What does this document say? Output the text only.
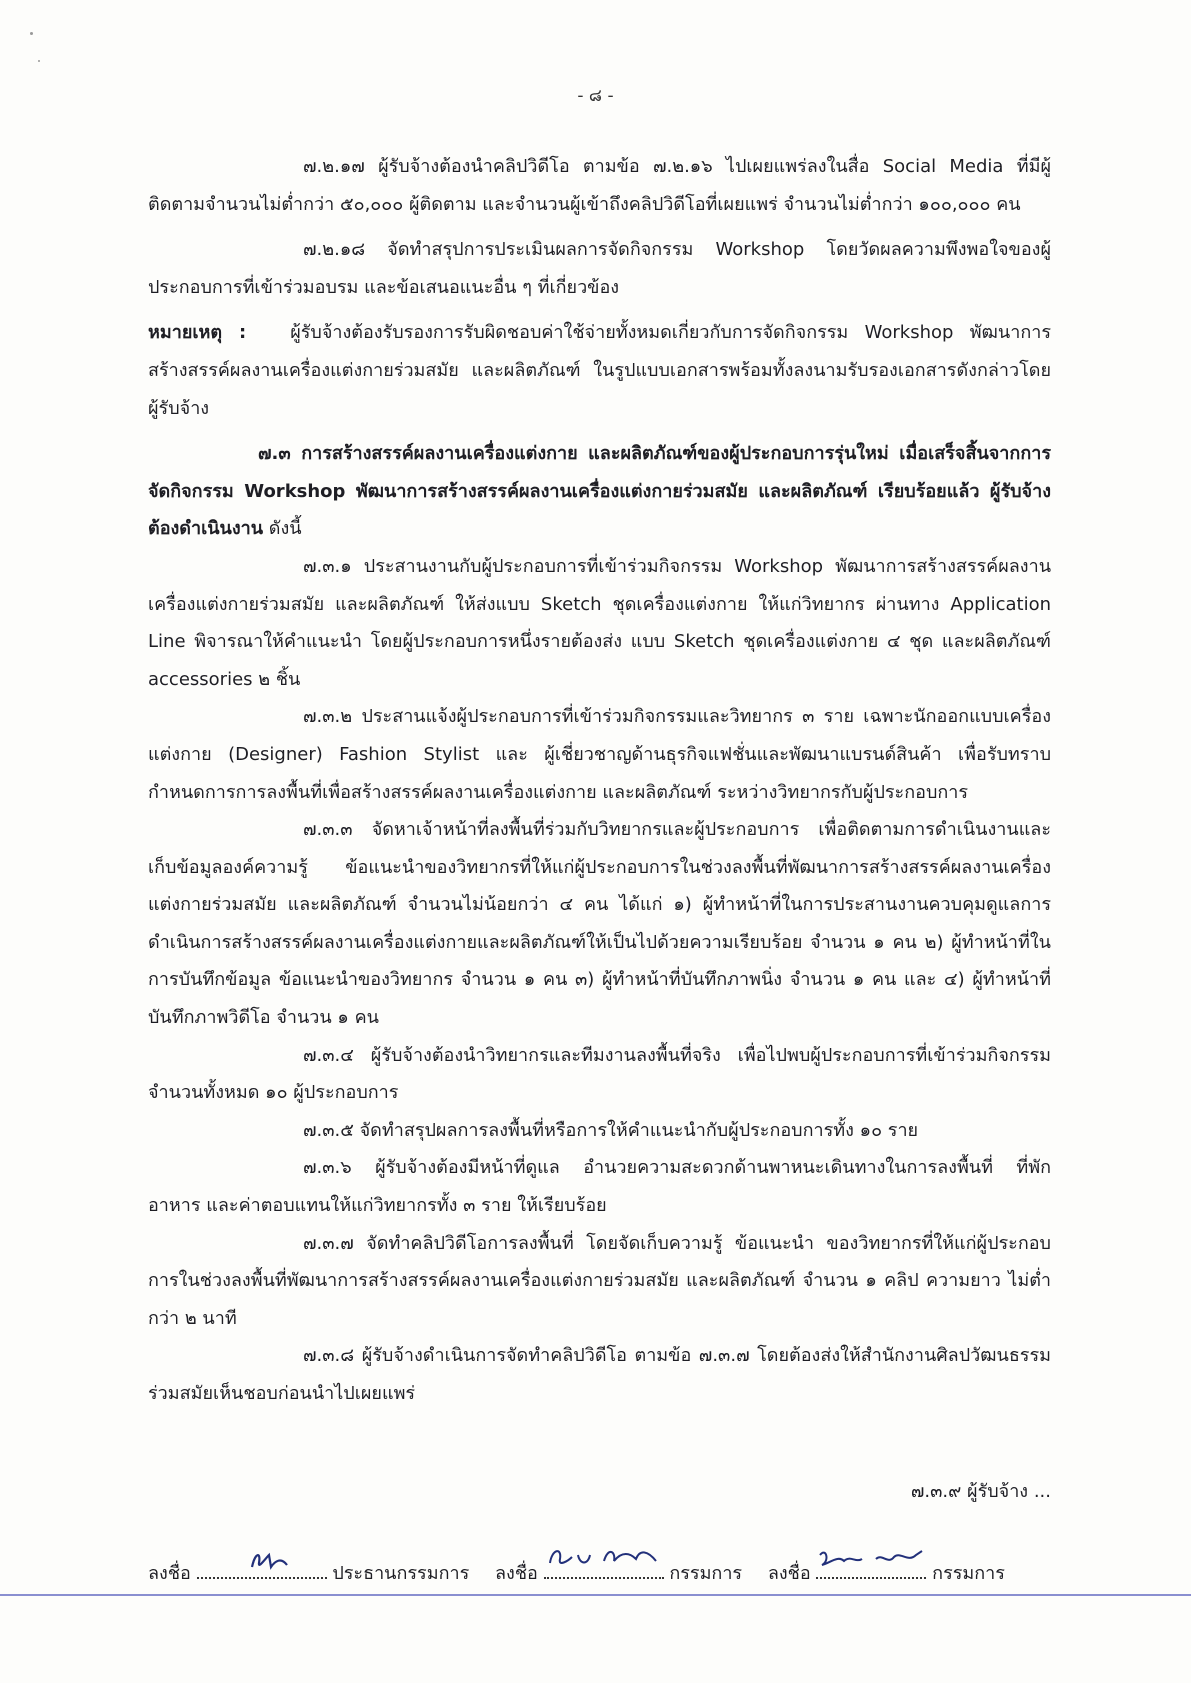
- ๘ -

๗.๒.๑๗ ผู้รับจ้างต้องนำคลิปวิดีโอ ตามข้อ ๗.๒.๑๖ ไปเผยแพร่ลงในสื่อ Social Media ที่มีผู้ติดตามจำนวนไม่ต่ำกว่า ๕๐,๐๐๐ ผู้ติดตาม และจำนวนผู้เข้าถึงคลิปวิดีโอที่เผยแพร่ จำนวนไม่ต่ำกว่า ๑๐๐,๐๐๐ คน

๗.๒.๑๘ จัดทำสรุปการประเมินผลการจัดกิจกรรม Workshop โดยวัดผลความพึงพอใจของผู้ประกอบการที่เข้าร่วมอบรม และข้อเสนอแนะอื่น ๆ ที่เกี่ยวข้อง

หมายเหตุ : ผู้รับจ้างต้องรับรองการรับผิดชอบค่าใช้จ่ายทั้งหมดเกี่ยวกับการจัดกิจกรรม Workshop พัฒนาการสร้างสรรค์ผลงานเครื่องแต่งกายร่วมสมัย และผลิตภัณฑ์ ในรูปแบบเอกสารพร้อมทั้งลงนามรับรองเอกสารดังกล่าวโดยผู้รับจ้าง

๗.๓ การสร้างสรรค์ผลงานเครื่องแต่งกาย และผลิตภัณฑ์ของผู้ประกอบการรุ่นใหม่ เมื่อเสร็จสิ้นจากการจัดกิจกรรม Workshop พัฒนาการสร้างสรรค์ผลงานเครื่องแต่งกายร่วมสมัย และผลิตภัณฑ์ เรียบร้อยแล้ว ผู้รับจ้างต้องดำเนินงาน ดังนี้

๗.๓.๑ ประสานงานกับผู้ประกอบการที่เข้าร่วมกิจกรรม Workshop พัฒนาการสร้างสรรค์ผลงานเครื่องแต่งกายร่วมสมัย และผลิตภัณฑ์ ให้ส่งแบบ Sketch ชุดเครื่องแต่งกาย ให้แก่วิทยากร ผ่านทาง Application Line พิจารณาให้คำแนะนำ โดยผู้ประกอบการหนึ่งรายต้องส่ง แบบ Sketch ชุดเครื่องแต่งกาย ๔ ชุด และผลิตภัณฑ์ accessories ๒ ชิ้น

๗.๓.๒ ประสานแจ้งผู้ประกอบการที่เข้าร่วมกิจกรรมและวิทยากร ๓ ราย เฉพาะนักออกแบบเครื่องแต่งกาย (Designer) Fashion Stylist และ ผู้เชี่ยวชาญด้านธุรกิจแฟชั่นและพัฒนาแบรนด์สินค้า เพื่อรับทราบกำหนดการการลงพื้นที่เพื่อสร้างสรรค์ผลงานเครื่องแต่งกาย และผลิตภัณฑ์ ระหว่างวิทยากรกับผู้ประกอบการ

๗.๓.๓ จัดหาเจ้าหน้าที่ลงพื้นที่ร่วมกับวิทยากรและผู้ประกอบการ เพื่อติดตามการดำเนินงานและเก็บข้อมูลองค์ความรู้ ข้อแนะนำของวิทยากรที่ให้แก่ผู้ประกอบการในช่วงลงพื้นที่พัฒนาการสร้างสรรค์ผลงานเครื่องแต่งกายร่วมสมัย และผลิตภัณฑ์ จำนวนไม่น้อยกว่า ๔ คน ได้แก่ ๑) ผู้ทำหน้าที่ในการประสานงานควบคุมดูแลการดำเนินการสร้างสรรค์ผลงานเครื่องแต่งกายและผลิตภัณฑ์ให้เป็นไปด้วยความเรียบร้อย จำนวน ๑ คน ๒) ผู้ทำหน้าที่ในการบันทึกข้อมูล ข้อแนะนำของวิทยากร จำนวน ๑ คน ๓) ผู้ทำหน้าที่บันทึกภาพนิ่ง จำนวน ๑ คน และ ๔) ผู้ทำหน้าที่บันทึกภาพวิดีโอ จำนวน ๑ คน

๗.๓.๔ ผู้รับจ้างต้องนำวิทยากรและทีมงานลงพื้นที่จริง เพื่อไปพบผู้ประกอบการที่เข้าร่วมกิจกรรม จำนวนทั้งหมด ๑๐ ผู้ประกอบการ

๗.๓.๕ จัดทำสรุปผลการลงพื้นที่หรือการให้คำแนะนำกับผู้ประกอบการทั้ง ๑๐ ราย

๗.๓.๖ ผู้รับจ้างต้องมีหน้าที่ดูแล อำนวยความสะดวกด้านพาหนะเดินทางในการลงพื้นที่ ที่พัก อาหาร และค่าตอบแทนให้แก่วิทยากรทั้ง ๓ ราย ให้เรียบร้อย

๗.๓.๗ จัดทำคลิปวิดีโอการลงพื้นที่ โดยจัดเก็บความรู้ ข้อแนะนำ ของวิทยากรที่ให้แก่ผู้ประกอบการในช่วงลงพื้นที่พัฒนาการสร้างสรรค์ผลงานเครื่องแต่งกายร่วมสมัย และผลิตภัณฑ์ จำนวน ๑ คลิป ความยาว ไม่ต่ำกว่า ๒ นาที

๗.๓.๘ ผู้รับจ้างดำเนินการจัดทำคลิปวิดีโอ ตามข้อ ๗.๓.๗ โดยต้องส่งให้สำนักงานศิลปวัฒนธรรมร่วมสมัยเห็นชอบก่อนนำไปเผยแพร่

๗.๓.๙ ผู้รับจ้าง ...
ลงชื่อ	ประธานกรรมการ ลงชื่อ	กรรมการ ลงชื่อ	กรรมการ
